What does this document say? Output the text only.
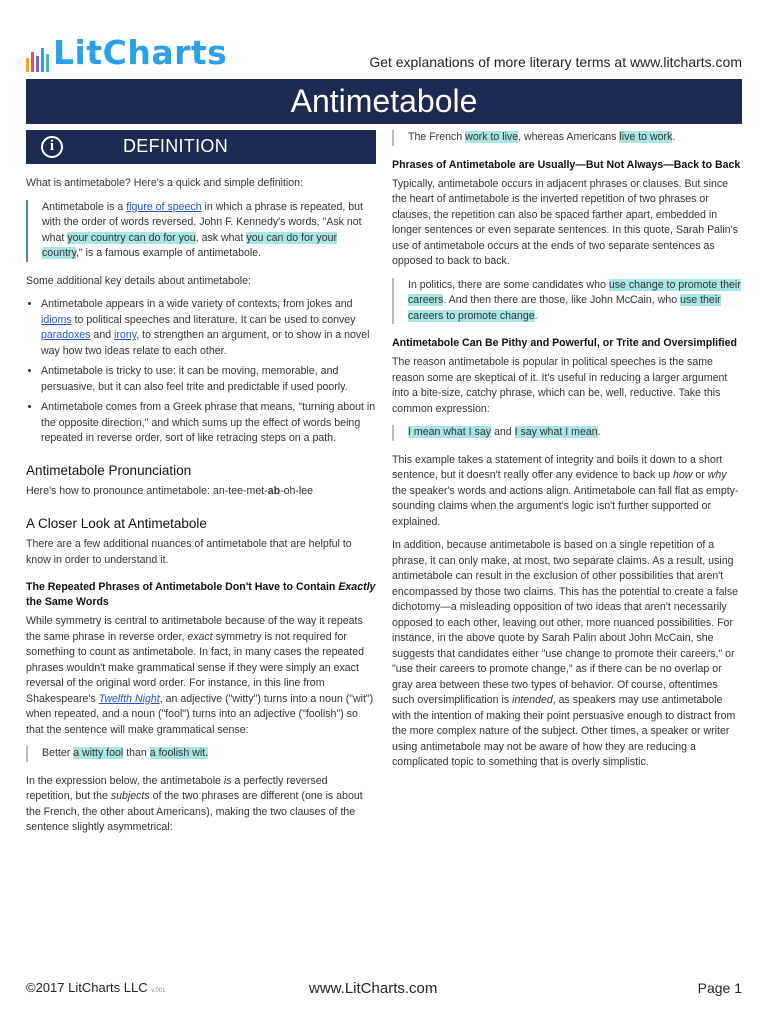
LitCharts	Get explanations of more literary terms at www.litcharts.com
Antimetabole
i	DEFINITION

What is antimetabole? Here's a quick and simple definition:

Antimetabole is a figure of speech in which a phrase is repeated, but with the order of words reversed. John F. Kennedy's words, "Ask not what your country can do for you, ask what you can do for your country," is a famous example of antimetabole.

Some additional key details about antimetabole:

• Antimetabole appears in a wide variety of contexts, from jokes and idioms to political speeches and literature. It can be used to convey paradoxes and irony, to strengthen an argument, or to show in a novel way how two ideas relate to each other.
• Antimetabole is tricky to use: it can be moving, memorable, and persuasive, but it can also feel trite and predictable if used poorly.
• Antimetabole comes from a Greek phrase that means, "turning about in the opposite direction," and which sums up the effect of words being repeated in reverse order, sort of like retracing steps on a path.
Antimetabole Pronunciation

Here's how to pronounce antimetabole: an-tee-met-ab-oh-lee

A Closer Look at Antimetabole

There are a few additional nuances of antimetabole that are helpful to know in order to understand it.

The Repeated Phrases of Antimetabole Don't Have to Contain Exactly the Same Words

While symmetry is central to antimetabole because of the way it repeats the same phrase in reverse order, exact symmetry is not required for something to count as antimetabole. In fact, in many cases the repeated phrases wouldn't make grammatical sense if they were simply an exact reversal of the original word order. For instance, in this line from Shakespeare's Twelfth Night, an adjective ("witty") turns into a noun ("wit") when repeated, and a noun ("fool") turns into an adjective ("foolish") so that the sentence will make grammatical sense:

Better a witty fool than a foolish wit.

In the expression below, the antimetabole is a perfectly reversed repetition, but the subjects of the two phrases are different (one is about the French, the other about Americans), making the two clauses of the sentence slightly asymmetrical:

The French work to live, whereas Americans live to work.
Phrases of Antimetabole are Usually—But Not Always—Back to Back

Typically, antimetabole occurs in adjacent phrases or clauses. But since the heart of antimetabole is the inverted repetition of two phrases or clauses, the repetition can also be spaced farther apart, embedded in longer sentences or even separate sentences. In this quote, Sarah Palin's use of antimetabole occurs at the ends of two separate sentences as opposed to back to back.

In politics, there are some candidates who use change to promote their careers. And then there are those, like John McCain, who use their careers to promote change.
Antimetabole Can Be Pithy and Powerful, or Trite and Oversimplified

The reason antimetabole is popular in political speeches is the same reason some are skeptical of it. It's useful in reducing a larger argument into a bite-size, catchy phrase, which can be, well, reductive. Take this common expression:

I mean what I say and I say what I mean.

This example takes a statement of integrity and boils it down to a short sentence, but it doesn't really offer any evidence to back up how or why the speaker's words and actions align. Antimetabole can fall flat as empty-sounding claims when the argument's logic isn't further supported or explained.

In addition, because antimetabole is based on a single repetition of a phrase, it can only make, at most, two separate claims. As a result, using antimetabole can result in the exclusion of other possibilities that aren't encompassed by those two claims. This has the potential to create a false dichotomy—a misleading opposition of two ideas that aren't necessarily opposed to each other, leaving out other, more nuanced possibilities. For instance, in the above quote by Sarah Palin about John McCain, she suggests that candidates either "use change to promote their careers," or "use their careers to promote change," as if there can be no overlap or gray area between these two types of behavior. Of course, oftentimes such oversimplification is intended, as speakers may use antimetabole with the intention of making their point persuasive enough to distract from the more complex nature of the subject. Other times, a speaker or writer using antimetabole may not be aware of how they are reducing a complicated topic to something that is overly simplistic.

©2017 LitCharts LLC v.001	www.LitCharts.com	Page 1
